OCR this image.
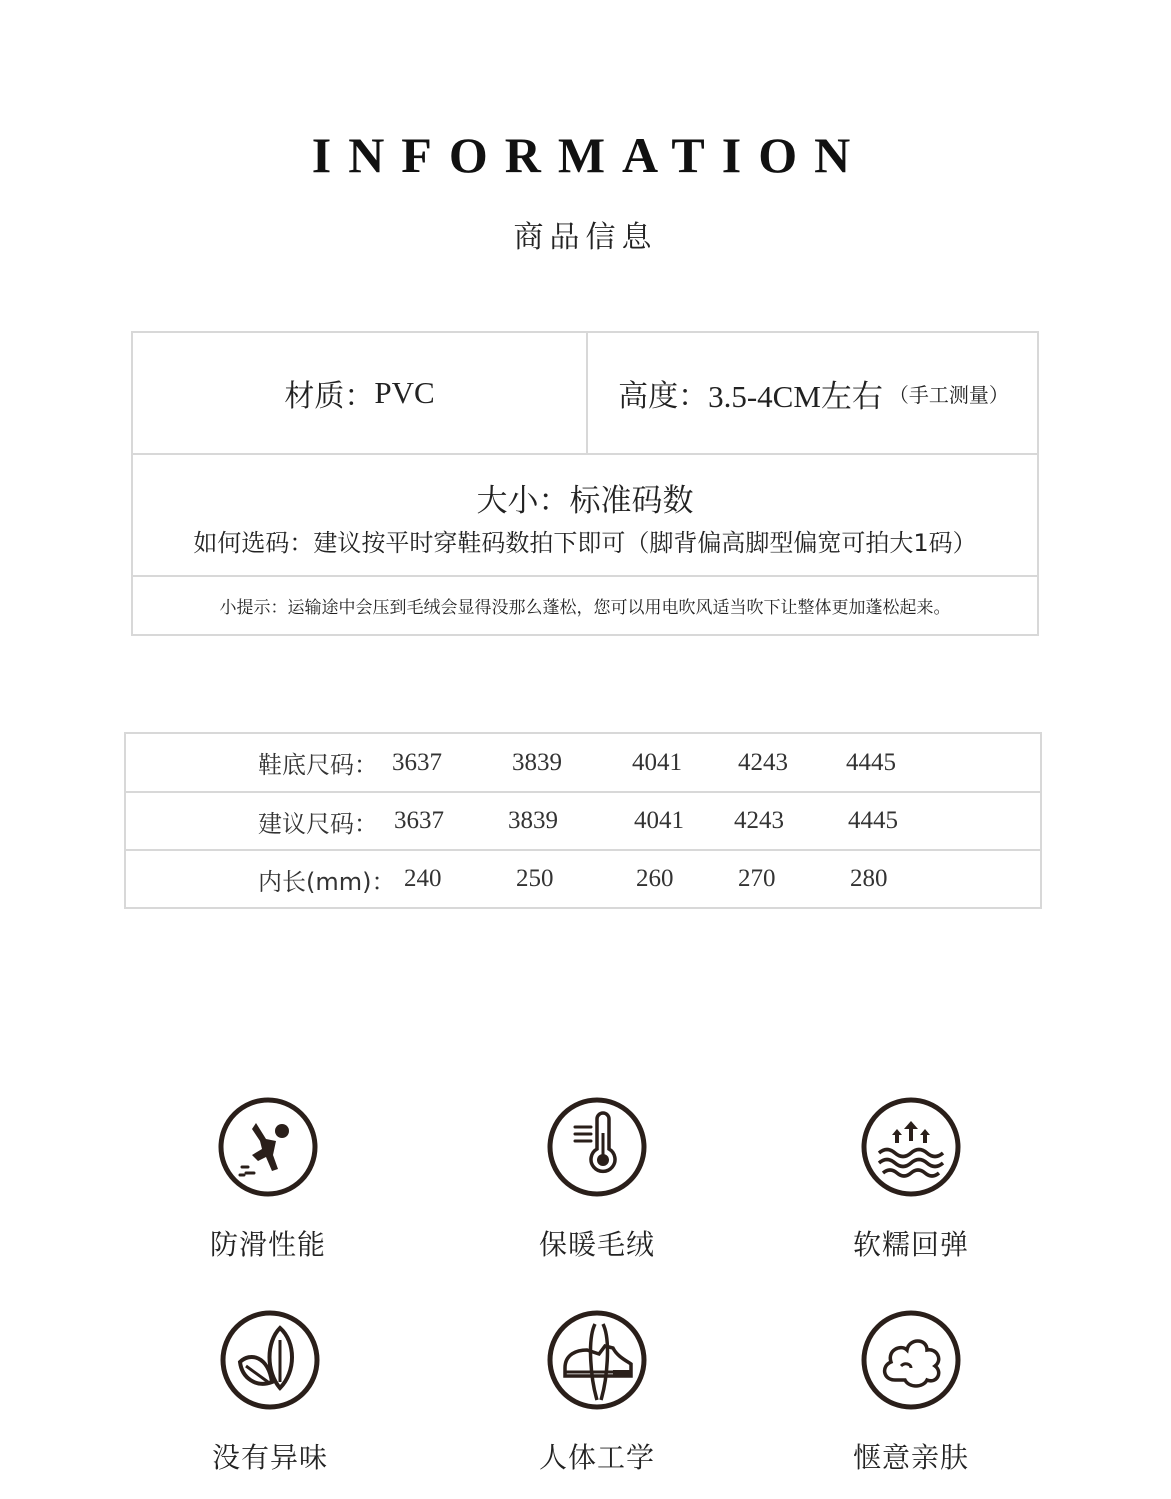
INFORMATION
商品信息
材质： PVC	高度： 3.5-4CM左右 （手工测量）
大小：标准码数
如何选码：建议按平时穿鞋码数拍下即可（脚背偏高脚型偏宽可拍大1码）
小提示：运输途中会压到毛绒会显得没那么蓬松，您可以用电吹风适当吹下让整体更加蓬松起来。
鞋底尺码： 3637	3839	4041 4243 4445
建议尺码： 3637	3839	4041 4243	4445
内长(mm)： 240	250	260	270	280
防滑性能	保暖毛绒	软糯回弹
没有异味	人体工学	惬意亲肤
